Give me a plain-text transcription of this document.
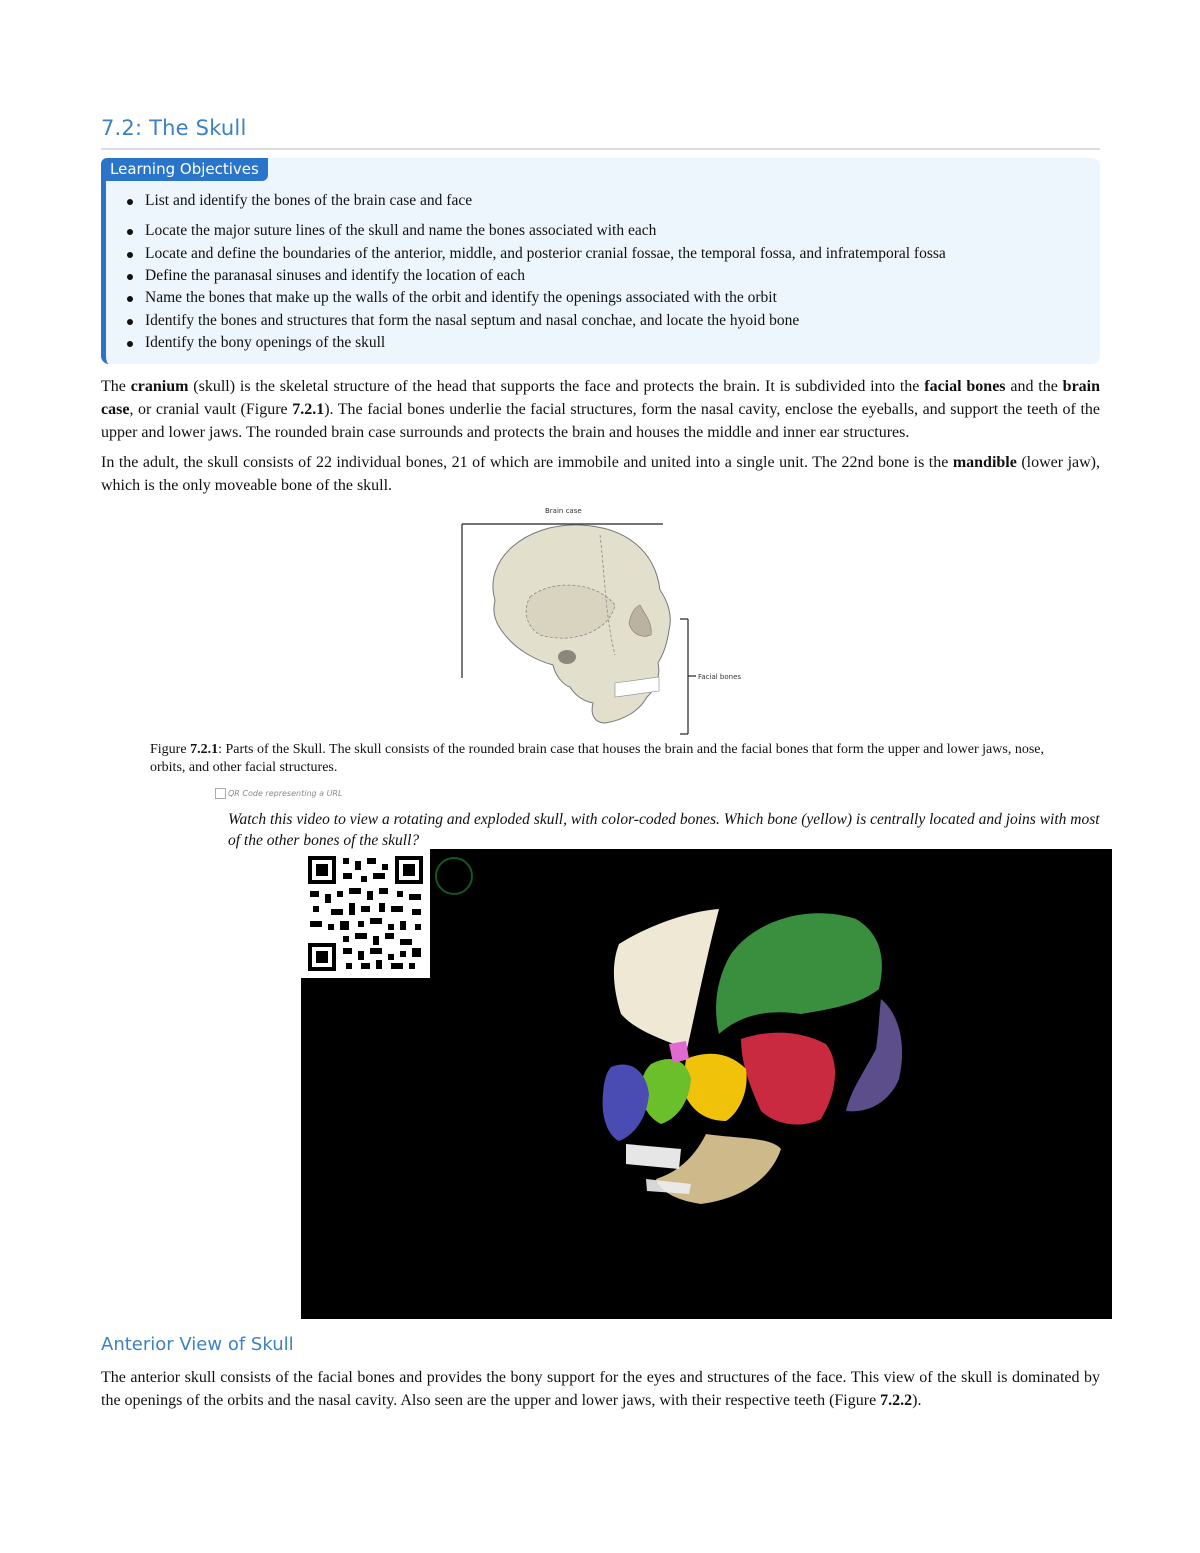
7.2: The Skull
Learning Objectives
List and identify the bones of the brain case and face
Locate the major suture lines of the skull and name the bones associated with each
Locate and define the boundaries of the anterior, middle, and posterior cranial fossae, the temporal fossa, and infratemporal fossa
Define the paranasal sinuses and identify the location of each
Name the bones that make up the walls of the orbit and identify the openings associated with the orbit
Identify the bones and structures that form the nasal septum and nasal conchae, and locate the hyoid bone
Identify the bony openings of the skull

The cranium (skull) is the skeletal structure of the head that supports the face and protects the brain. It is subdivided into the facial bones and the brain case, or cranial vault (Figure 7.2.1). The facial bones underlie the facial structures, form the nasal cavity, enclose the eyeballs, and support the teeth of the upper and lower jaws. The rounded brain case surrounds and protects the brain and houses the middle and inner ear structures.

In the adult, the skull consists of 22 individual bones, 21 of which are immobile and united into a single unit. The 22nd bone is the mandible (lower jaw), which is the only moveable bone of the skull.

Brain case
Facial bones

Figure 7.2.1: Parts of the Skull. The skull consists of the rounded brain case that houses the brain and the facial bones that form the upper and lower jaws, nose, orbits, and other facial structures.

QR Code representing a URL

Watch this video to view a rotating and exploded skull, with color-coded bones. Which bone (yellow) is centrally located and joins with most of the other bones of the skull?

Anterior View of Skull

The anterior skull consists of the facial bones and provides the bony support for the eyes and structures of the face. This view of the skull is dominated by the openings of the orbits and the nasal cavity. Also seen are the upper and lower jaws, with their respective teeth (Figure 7.2.2).
